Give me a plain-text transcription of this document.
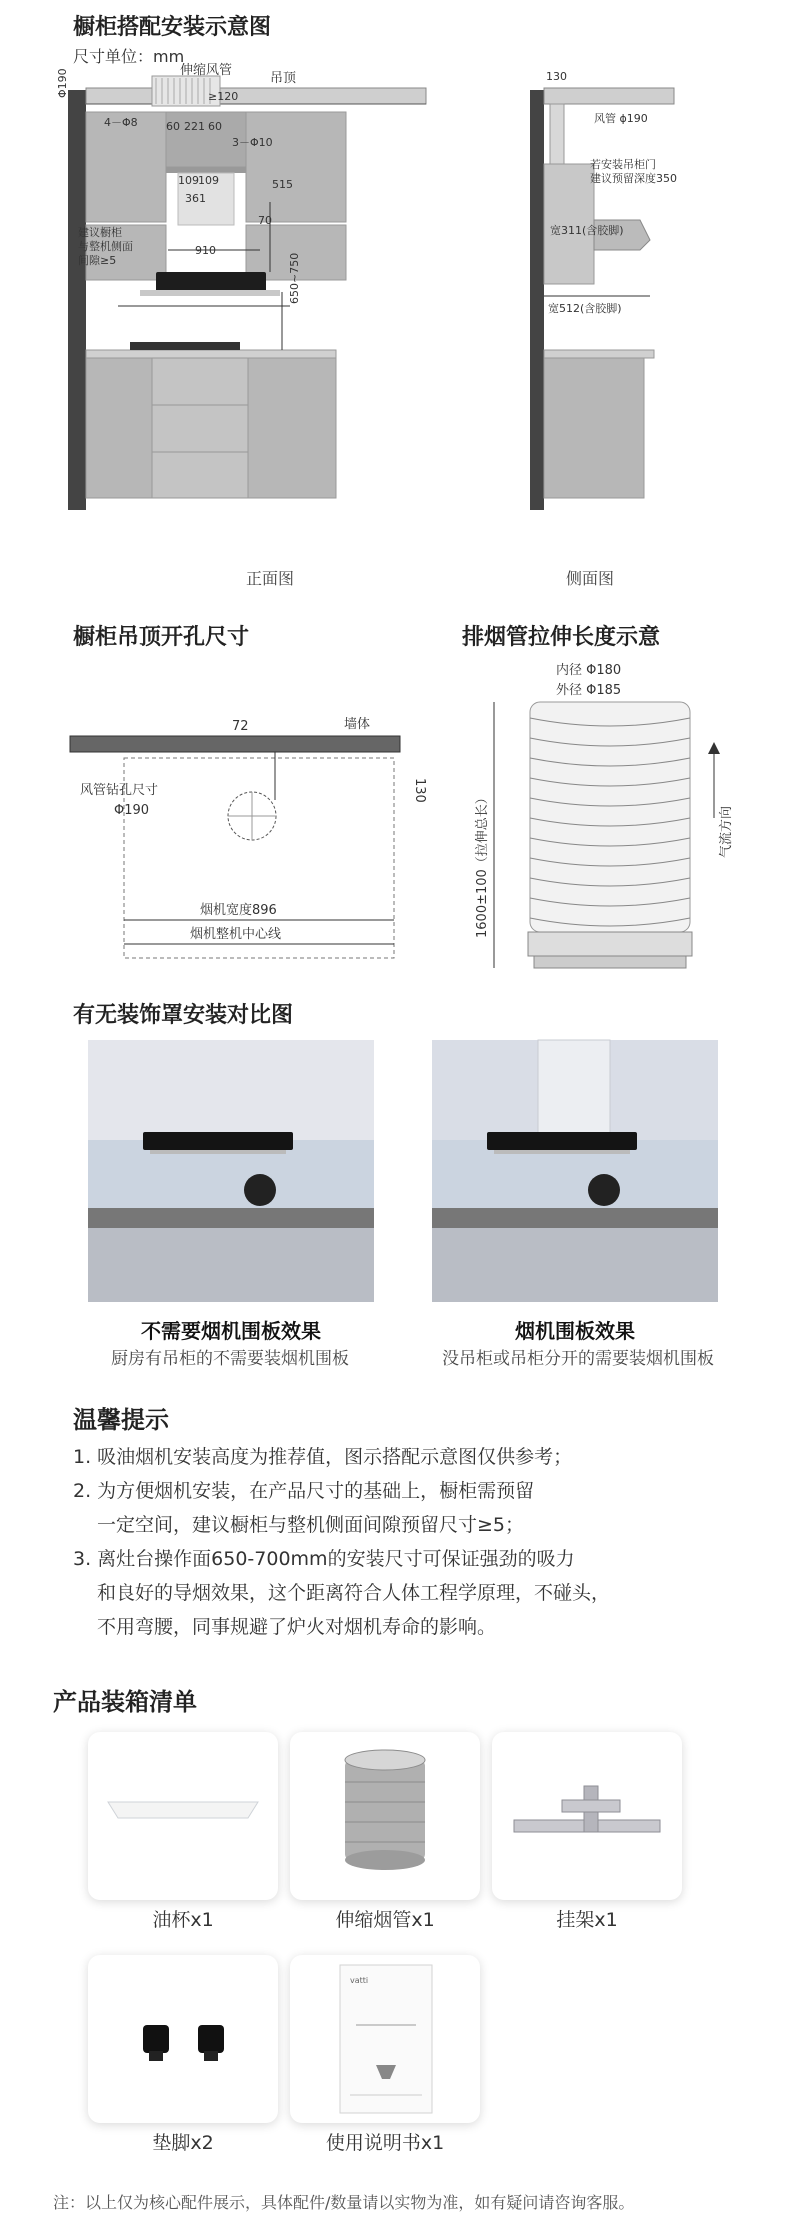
橱柜搭配安装示意图
尺寸单位：mm
伸缩风管
吊顶
≥120
Φ190
4－Φ8	60 221 60
3－Φ10
109 109
361
515
70
建议橱柜
与整机侧面
间隙≥5
910
650~750
130
风管 ϕ190
若安装吊柜门
建议预留深度350
宽311(含胶脚)
宽512(含胶脚)
正面图	侧面图
橱柜吊顶开孔尺寸	排烟管拉伸长度示意
72	墙体
130
风管钻孔尺寸
Φ190
烟机宽度896
烟机整机中心线
内径 Φ180
外径 Φ185
1600±100（拉伸总长）	气流方向
有无装饰罩安装对比图
不需要烟机围板效果
厨房有吊柜的不需要装烟机围板
烟机围板效果
没吊柜或吊柜分开的需要装烟机围板
温馨提示
1. 吸油烟机安装高度为推荐值，图示搭配示意图仅供参考；
2. 为方便烟机安装，在产品尺寸的基础上，橱柜需预留
一定空间，建议橱柜与整机侧面间隙预留尺寸≥5；
3. 离灶台操作面650-700mm的安装尺寸可保证强劲的吸力
和良好的导烟效果，这个距离符合人体工程学原理，不碰头，
不用弯腰，同事规避了炉火对烟机寿命的影响。
产品装箱清单
油杯x1	伸缩烟管x1	挂架x1
vatti
垫脚x2	使用说明书x1
注：以上仅为核心配件展示，具体配件/数量请以实物为准，如有疑问请咨询客服。
